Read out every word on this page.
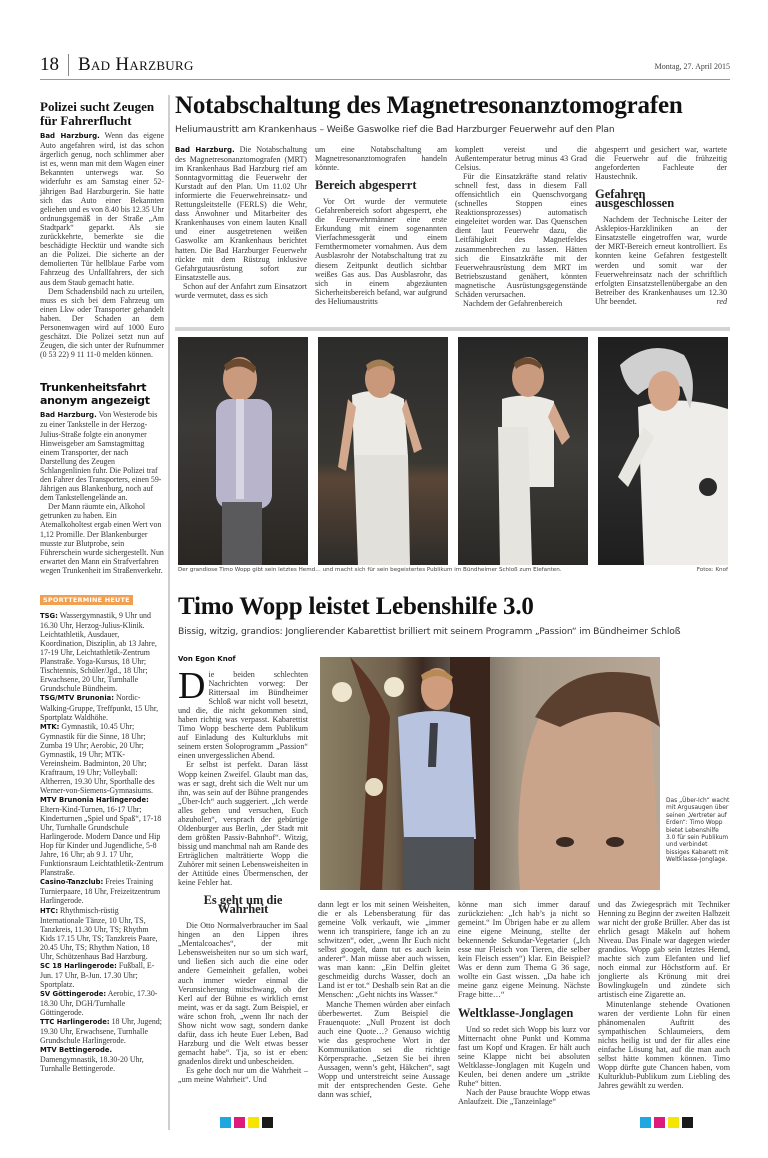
18 Bad Harzburg	Montag, 27. April 2015
Polizei sucht Zeugen für Fahrerflucht

Bad Harzburg. Wenn das eigene Auto angefahren wird, ist das schon ärgerlich genug, noch schlimmer aber ist es, wenn man mit dem Wagen einer Bekannten unterwegs war. So widerfuhr es am Samstag einer 52-jährigen Bad Harzburgerin. Sie hatte sich das Auto einer Bekannten geliehen und es von 8.40 bis 12.35 Uhr ordnungsgemäß in der Straße „Am Stadtpark“ geparkt. Als sie zurückkehrte, bemerkte sie die beschädigte Hecktür und wandte sich an die Polizei. Die sicherte an der demolierten Tür hellblaue Farbe vom Fahrzeug des Unfallfahrers, der sich aus dem Staub gemacht hatte.

Dem Schadensbild nach zu urteilen, muss es sich bei dem Fahrzeug um einen Lkw oder Transporter gehandelt haben. Der Schaden an dem Personenwagen wird auf 1000 Euro geschätzt. Die Polizei setzt nun auf Zeugen, die sich unter der Rufnummer (0 53 22) 9 11 11-0 melden können.

Trunkenheitsfahrt anonym angezeigt

Bad Harzburg. Von Westerode bis zu einer Tankstelle in der Herzog-Julius-Straße folgte ein anonymer Hinweisgeber am Samstagmittag einem Transporter, der nach Darstellung des Zeugen Schlangenlinien fuhr. Die Polizei traf den Fahrer des Transporters, einen 59-Jährigen aus Blankenburg, noch auf dem Tankstellengelände an.

Der Mann räumte ein, Alkohol getrunken zu haben. Ein Atemalkoholtest ergab einen Wert von 1,12 Promille. Der Blankenburger musste zur Blutprobe, sein Führerschein wurde sichergestellt. Nun erwartet den Mann ein Strafverfahren wegen Trunkenheit im Straßenverkehr.

SPORTTERMINE HEUTE
TSG: Wassergymnastik, 9 Uhr und 16.30 Uhr, Herzog-Julius-Klinik. Leichtathletik, Ausdauer, Koordination, Disziplin, ab 13 Jahre, 17-19 Uhr, Leichtathletik-Zentrum Planstraße. Yoga-Kursus, 18 Uhr; Tischtennis, Schüler/Jgd., 18 Uhr; Erwachsene, 20 Uhr, Turnhalle Grundschule Bündheim.
TSG/MTV Brunonia: Nordic-Walking-Gruppe, Treffpunkt, 15 Uhr, Sportplatz Waldhöhe.
MTK: Gymnastik, 10.45 Uhr; Gymnastik für die Sinne, 18 Uhr; Zumba 19 Uhr; Aerobic, 20 Uhr; Gymnastik, 19 Uhr; MTK-Vereinsheim. Badminton, 20 Uhr; Kraftraum, 19 Uhr; Volleyball: Altherren, 19.30 Uhr, Sporthalle des Werner-von-Siemens-Gymnasiums.
MTV Brunonia Harlingerode: Eltern-Kind-Turnen, 16-17 Uhr; Kinderturnen „Spiel und Spaß“, 17-18 Uhr, Turnhalle Grundschule Harlingerode. Modern Dance und Hip Hop für Kinder und Jugendliche, 5-8 Jahre, 16 Uhr; ab 9 J. 17 Uhr, Funktionsraum Leichtathletik-Zentrum Planstraße.
Casino-Tanzclub: Freies Training Turnierpaare, 18 Uhr, Freizeitzentrum Harlingerode.
HTC: Rhythmisch-rüstig Internationale Tänze, 10 Uhr, TS, Tanzkreis, 11.30 Uhr, TS; Rhythm Kids 17.15 Uhr, TS; Tanzkreis Paare, 20.45 Uhr, TS; Rhythm Nation, 18 Uhr, Schützenhaus Bad Harzburg.
SC 18 Harlingerode: Fußball, E-Jun. 17 Uhr, B-Jun. 17.30 Uhr; Sportplatz.
SV Göttingerode: Aerobic, 17.30-18.30 Uhr, DGH/Turnhalle Göttingerode.
TTC Harlingerode: 18 Uhr, Jugend; 19.30 Uhr, Erwachsene, Turnhalle Grundschule Harlingerode.
MTV Bettingerode. Damengymnastik, 18.30-20 Uhr, Turnhalle Bettingerode.
Notabschaltung des Magnetresonanztomografen
Heliumaustritt am Krankenhaus – Weiße Gaswolke rief die Bad Harzburger Feuerwehr auf den Plan

Bad Harzburg. Die Notabschaltung des Magnetresonanztomografen (MRT) im Krankenhaus Bad Harzburg rief am Sonntagvormittag die Feuerwehr der Kurstadt auf den Plan. Um 11.02 Uhr informierte die Feuerwehreinsatz- und Rettungsleitstelle (FERLS) die Wehr, dass Anwohner und Mitarbeiter des Krankenhauses von einem lauten Knall und einer ausgetretenen weißen Gaswolke am Krankenhaus berichtet hatten. Die Bad Harzburger Feuerwehr rückte mit dem Rüstzug inklusive Gefahrgutausrüstung sofort zur Einsatzstelle aus.

Schon auf der Anfahrt zum Einsatzort wurde vermutet, dass es sich

um eine Notabschaltung am Magnetresonanztomografen handeln könnte.

Bereich abgesperrt

Vor Ort wurde der vermutete Gefahrenbereich sofort abgesperrt, ehe die Feuerwehrmänner eine erste Erkundung mit einem sogenannten Vierfachmessgerät und einem Fernthermometer vornahmen. Aus dem Ausblasrohr der Notabschaltung trat zu diesem Zeitpunkt deutlich sichtbar weißes Gas aus. Das Ausblasrohr, das sich in einem abgezäunten Sicherheitsbereich befand, war aufgrund des Heliumaustritts

komplett vereist und die Außentemperatur betrug minus 43 Grad Celsius.

Für die Einsatzkräfte stand relativ schnell fest, dass in diesem Fall offensichtlich ein Quenschvorgang (schnelles Stoppen eines Reaktionsprozesses) automatisch eingeleitet worden war. Das Quenschen dient laut Feuerwehr dazu, die Leitfähigkeit des Magnetfeldes zusammenbrechen zu lassen. Hätten sich die Einsatzkräfte mit der Feuerwehrausrüstung dem MRT im Betriebszustand genähert, könnten magnetische Ausrüstungsgegenstände Schäden verursachen.

Nachdem der Gefahrenbereich

abgesperrt und gesichert war, wartete die Feuerwehr auf die frühzeitig angeforderten Fachleute der Haustechnik.

Gefahren ausgeschlossen

Nachdem der Technische Leiter der Asklepios-Harzkliniken an der Einsatzstelle eingetroffen war, wurde der MRT-Bereich erneut kontrolliert. Es konnten keine Gefahren festgestellt werden und somit war der Feuerwehreinsatz nach der schriftlich erfolgten Einsatzstellenübergabe an den Betreiber des Krankenhauses um 12.30 Uhr beendet.	red

Der grandiose Timo Wopp gibt sein letztes Hemd… und macht sich für sein begeistertes Publikum im Bündheimer Schloß zum Elefanten.	Fotos: Knof
Timo Wopp leistet Lebenshilfe 3.0
Bissig, witzig, grandios: Jonglierender Kabarettist brilliert mit seinem Programm „Passion“ im Bündheimer Schloß
Von Egon Knof

Die beiden schlechten Nachrichten vorweg: Der Rittersaal im Bündheimer Schloß war nicht voll besetzt, und die, die nicht gekommen sind, haben richtig was verpasst. Kabarettist Timo Wopp bescherte dem Publikum auf Einladung des Kulturklubs mit seinem ersten Soloprogramm „Passion“ einen unvergesslichen Abend.

Er selbst ist perfekt. Daran lässt Wopp keinen Zweifel. Glaubt man das, was er sagt, dreht sich die Welt nur um ihn, was sein auf der Bühne prangendes „Über-Ich“ auch suggeriert. „Ich werde alles geben und versuchen, Euch abzuholen“, versprach der gebürtige Oldenburger aus Berlin, „der Stadt mit dem größten Passiv-Bahnhof“. Witzig, bissig und manchmal nah am Rande des Erträglichen malträtierte Wopp die Zuhörer mit seinen Lebensweisheiten in der Attitüde eines Übermenschen, der keine Fehler hat.

Es geht um die Wahrheit

Die Otto Normalverbraucher im Saal hingen an den Lippen ihres „Mentalcoaches“, der mit Lebensweisheiten nur so um sich warf, und ließen sich auch die eine oder andere Gemeinheit gefallen, wobei auch immer wieder einmal die Verunsicherung mitschwang, ob der Kerl auf der Bühne es wirklich ernst meint, was er da sagt. Zum Beispiel, er wäre schon froh, „wenn Ihr nach der Show nicht wow sagt, sondern danke dafür, dass ich heute Euer Leben, Bad Harzburg und die Welt etwas besser gemacht habe“. Tja, so ist er eben: gnadenlos direkt und unbescheiden.

Es gehe doch nur um die Wahrheit – „um meine Wahrheit“. Und

Das „Über-Ich“ wacht mit Argusaugen über seinen „Vertreter auf Erden“: Timo Wopp bietet Lebenshilfe 3.0 für sein Publikum und verbindet bissiges Kabarett mit Weltklasse-Jonglage.

dann legt er los mit seinen Weisheiten, die er als Lebensberatung für das gemeine Volk verkauft, wie „immer wenn ich transpiriere, fange ich an zu schwitzen“, oder, „wenn Ihr Euch nicht selbst googelt, dann tut es auch kein anderer“. Man müsse aber auch wissen, was man kann: „Ein Delfin gleitet geschmeidig durchs Wasser, doch an Land ist er tot.“ Deshalb sein Rat an die Menschen: „Geht nichts ins Wasser.“

Manche Themen würden aber einfach überbewertet. Zum Beispiel die Frauenquote: „Null Prozent ist doch auch eine Quote…? Genauso wichtig wie das gesprochene Wort in der Kommunikation sei die richtige Körpersprache. „Setzen Sie bei ihren Aussagen, wenn’s geht, Häkchen“, sagt Wopp und unterstreicht seine Aussage mit der entsprechenden Geste. Gehe dann was schief,

könne man sich immer darauf zurückziehen: „Ich hab’s ja nicht so gemeint.“ Im Übrigen habe er zu allem eine eigene Meinung, stellte der bekennende Sekundar-Vegetarier („Ich esse nur Fleisch von Tieren, die selber kein Fleisch essen“) klar. Ein Beispiel? Was er denn zum Thema G 36 sage, wollte ein Gast wissen. „Da habe ich meine ganz eigene Meinung. Nächste Frage bitte…“

Weltklasse-Jonglagen

Und so redet sich Wopp bis kurz vor Mitternacht ohne Punkt und Komma fast um Kopf und Kragen. Er hält auch seine Klappe nicht bei absoluten Weltklasse-Jonglagen mit Kugeln und Keulen, bei denen andere um „strikte Ruhe“ bitten.

Nach der Pause brauchte Wopp etwas Anlaufzeit. Die „Tanzeinlage“

und das Zwiegespräch mit Techniker Henning zu Beginn der zweiten Halbzeit war nicht der große Brüller. Aber das ist ehrlich gesagt Mäkeln auf hohem Niveau. Das Finale war dagegen wieder grandios. Wopp gab sein letztes Hemd, machte sich zum Elefanten und lief noch einmal zur Höchstform auf. Er jonglierte als Krönung mit drei Bowlingkugeln und zündete sich artistisch eine Zigarette an.

Minutenlange stehende Ovationen waren der verdiente Lohn für einen phänomenalen Auftritt des sympathischen Schlaumeiers, dem nichts heilig ist und der für alles eine einfache Lösung hat, auf die man auch selbst hätte kommen können. Timo Wopp dürfte gute Chancen haben, vom Kulturklub-Publikum zum Liebling des Jahres gewählt zu werden.
